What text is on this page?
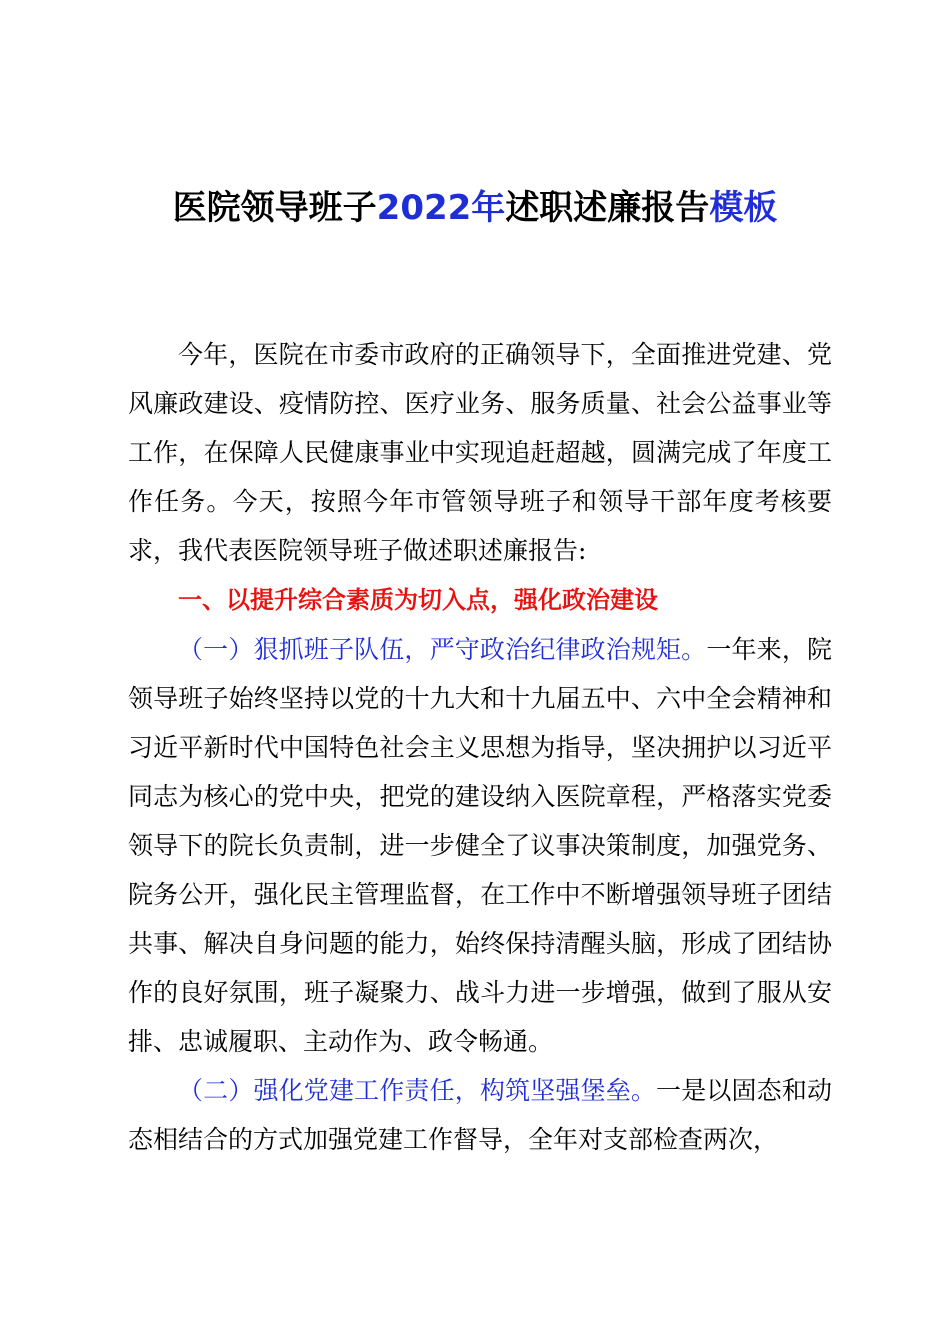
医院领导班子2022年述职述廉报告模板

今年，医院在市委市政府的正确领导下，全面推进党建、党风廉政建设、疫情防控、医疗业务、服务质量、社会公益事业等工作，在保障人民健康事业中实现追赶超越，圆满完成了年度工作任务。今天，按照今年市管领导班子和领导干部年度考核要求，我代表医院领导班子做述职述廉报告:

一、以提升综合素质为切入点，强化政治建设

（一）狠抓班子队伍，严守政治纪律政治规矩。一年来，院领导班子始终坚持以党的十九大和十九届五中、六中全会精神和习近平新时代中国特色社会主义思想为指导，坚决拥护以习近平同志为核心的党中央，把党的建设纳入医院章程，严格落实党委领导下的院长负责制，进一步健全了议事决策制度，加强党务、院务公开，强化民主管理监督，在工作中不断增强领导班子团结共事、解决自身问题的能力，始终保持清醒头脑，形成了团结协作的良好氛围，班子凝聚力、战斗力进一步增强，做到了服从安排、忠诚履职、主动作为、政令畅通。

（二）强化党建工作责任，构筑坚强堡垒。一是以固态和动态相结合的方式加强党建工作督导，全年对支部检查两次，
